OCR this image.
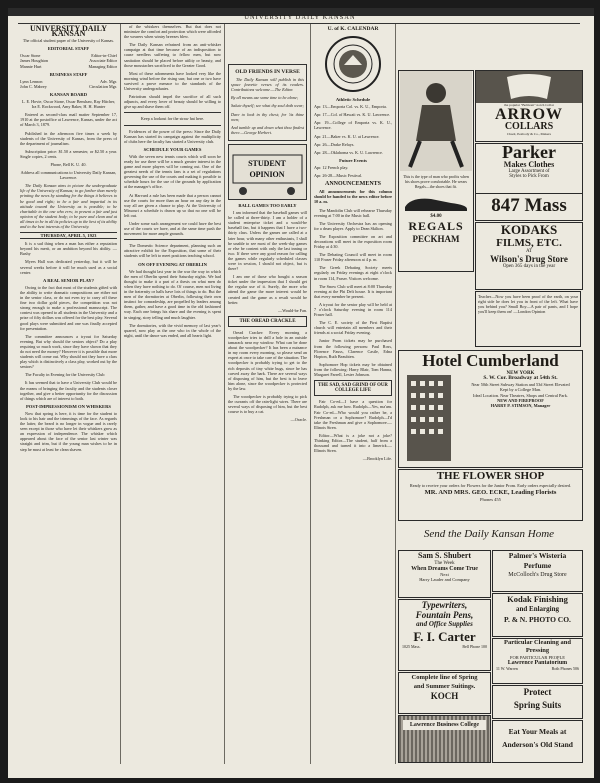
UNIVERSITY DAILY KANSAN
UNIVERSITY DAILY KANSAN

The official student paper of the University of Kansas.

EDITORIAL STAFF
Oscar Stone	Editor-in-Chief
James Houghton	Associate Editor
Mannie Hurt	Managing Editor
BUSINESS STAFF
Lynn Lennon	Adv. Mgr.
John C. Mabrey	Circulation Mgr.
KANSAN BOARD

L. E. Hovie, Oscar Stone, Oscar Benshaw, Ray Hitcher, Ira E. Rockwood, Amy Baker, H. H. Hunter

Entered as second-class mail matter September 17, 1910 at the postoffice at Lawrence, Kansas, under the act of March 3, 1879.

Published in the afternoon five times a week by students of the University of Kansas, from the press of the department of journalism.

Subscription price: $1.50 a semester, or $2.50 a year. Single copies, 2 cents.

Phone, Bell K. U. 40.

Address all communications to University Daily Kansan, Lawrence.

The Daily Kansan aims to picture the undergraduate life of the University of Kansas; to go further than merely printing the news by standing for the things it believes to be good and right; to be a fair and impartial in its attitude toward the University as is possible; to be charitable to the one who errs; to present a fair and just opinion of the student body; to be pure and clean and at all times to be in all its policies up to the best of its ability and to the best interests of the University.

THURSDAY, APRIL 5, 1923

It is a sad thing when a man has either a reputation beyond his merit, or an ambition beyond his ability. —Bushy

Myers Hall was dedicated yesterday, but it will be several weeks before it will be much used as a social center.

A REAL SENIOR PLAY?

Owing to the fact that most of the students gifted with the ability to write dramatic compositions are either not in the senior class, or do not even try to carry off these fine two dollar gold pieces, the competition was not strong enough to make a professional manuscript. The contest was opened to all students in the University and a prize of fifty dollars was offered for the best play. Several good plays were submitted and one was finally accepted for presentation.

The committee announces a tryout for Saturday evening. But why should the seniors object? Do a play requiring so much work, since they have shown that they do not need the money? However it is possible that more students will come out. Why should not they have a class play which is distinctively a class play, worked out by the seniors?

The Faculty in Evening for the University Club

It has seemed that to have a University Club would be the means of bringing the faculty and the students closer together, and give a better opportunity for the discussion of things which are of interest to both.

POST-IMPRESSIONISM ON WHISKERS

Now that spring is here, it is time for the student to look to his hair and the trimmings of the face. As regards the latter, the beard is no longer in vogue and is rarely seen except in those who have let their whiskers grow as an expression of independence. The whisker which appeared about the face of the senior last winter was straight and trim, but if the young man wishes to be in step he must at least be clean shaven.

of the whiskers themselves. But that does not minimize the comfort and protection which were afforded the wearers when wintry breezes blew.

The Daily Kansan refrained from an anti-whisker campaign at that time because of an indisposition to cause needless suffering to fellow men, but now sanitation should be placed before utility or beauty, and those moustaches sacrificed to the Greater Good.

Most of these adornments have looked very like the morning wind before the rising sun; but one or two have survived a prove menace to the standards of the University undergraduates.

Patriotism should impel the sacrifice of all such adjuncts, and every lover of beauty should be willing to give up and shave them off.

Keep a lookout for the straw hat here.

Evidences of the power of the press: Since the Daily Kansan has started its campaign against the multiplicity of clubs here the faculty has started a University club.

SCHEDULE YOUR GAMES

With the seven new tennis courts which will soon be ready for use there will be a much greater interest in the game and more players will be coming out. One of the greatest needs of the tennis fans is a set of regulations governing the use of the courts and making it possible to schedule hours for the use of the grounds by application at the manager's office.

At Harvard a rule has been made that a person cannot use the courts for more than an hour on any day in the way all are given a chance to play. At the University of Missouri a schedule is drawn up so that no one will be left out.

Under some such arrangement we could have the best use of the courts we have, and at the same time push the movement for more ample grounds.

The Domestic Science department, planning such an attractive exhibit for the Exposition, that some of their students will be left to meet positions teaching school.

ON OFF EVENING AT OBERLIN

We had thought last year in the war the way in which the men of Oberlin spend their Saturday nights. We had thought to make it a part of a thesis on what men do when they have nothing to do. Of course, men not living in the fraternity or halls have lots of things to do. But the men of the dormitories at Oberlin, following their own instinct for comradeship, are propelled by leaders among them, gather, and have a good time in the old fashioned way. Each one brings his share and the evening is spent in singing, story telling and much laughter.

The dormitories, with the vivid memory of last year's quarrel, now play as the one who in the whole of the night, until the dance was ended, and all hearts light.

OLD FRIENDS IN VERSE

The Daily Kansan will publish in this space favorite verses of its readers. Contributions welcome.—The Editor.

By all means use some time to be alone;

Salute thyself; see what thy soul doth wear;

Dare to look in thy chest; for 'tis thine own;

And tumble up and down what thou findest there.—George Herbert.

STUDENT
OPINION
BALL GAMES TOO EARLY

I am informed that the baseball games will be called at three-thirty. I am a holder of a student enterprise ticket and a would-be baseball fan, but it happens that I have a two-thirty class. Unless the games are called at a later hour, with many other enthusiasts, I shall be unable to see most of the week-day games or else be content with only the last inning or two. If there were any good reason for calling the games while regularly scheduled classes were in session, I should not object, but is there?

I am one of those who bought a season ticket under the impression that I should get the regular use of it. Surely, the more who attend the game the more interest would be created and the game as a result would be better.

—Would-be Fan.

THE OREAD CRACKLE

Oread Cracker: Every morning a woodpecker tries to drill a hole in an outside tamarack near my window. What can be done about the woodpecker? It has been a nuisance in my room every morning, so please send an expert at once to take care of the situation. The woodpecker is probably trying to get to the rich deposits of tiny white bugs, since he has carved away the bark. There are several ways of disposing of him, but the best is to leave him alone, since the woodpecker is protected by the law.

The woodpecker is probably trying to pick the currants off the rain-light wires. There are several ways of disposing of him, but the best course is to buy a cat.

—Oracle.

U. of K. CALENDAR
Athletic Schedule

Apr. 13—Emporia Col. vs. K. U., Emporia.

Apr. 17—Col. of Hawaii vs. K. U. Lawrence.

Apr. 19—College of Emporia vs. K. U., Lawrence.

Apr. 21—Baker vs. K. U. at Lawrence.

Apr. 26—Drake Relays.

Apr. 28—Oklahoma vs. K. U. Lawrence.

Future Events

Apr. 12 French play.

Apr. 26-28—Music Festival.

ANNOUNCEMENTS

All announcements for this column should be handed to the news editor before 10 a. m.

The Mandolin Club will rehearse Thursday evening at 7:00 in the Music hall.

The University Orchestra has an opening for a drum player. Apply to Dean Skilton.

The Exposition committee on art and decorations will meet in the exposition room Friday at 4:30.

The Debating Council will meet in room 110 Fraser Friday afternoon at 4 p. m.

The Greek Debating Society meets regularly on Friday evenings at eight o'clock in room 114, Fraser. Visitors welcome.

The Snow Club will meet at 8:00 Thursday evening at the Phi Delt house. It is important that every member be present.

A tryout for the senior play will be held at 7 o'clock Saturday evening in room 114 Fraser hall.

The C. E. society of the First Baptist church will entertain all members and their friends at a social Friday evening.

Junior Prom tickets may be purchased from the following persons: Paul Ross, Florence Fauss, Clarence Castle, Edna Hopton, Ruth Beaubien.

Sophomore Hop tickets may be obtained from the following: Harry Blair, Tom Hanna, Margaret Farrell, Lester Johnson.

THE SAD, SAD GRIND OF OUR COLLEGE LIFE

Fair Co-ed—I have a question for Rudolph, ask me how. Rudolph—Yes, ma'am. Fair Co-ed—Who would you rather be, a Freshman or a Sophomore? Rudolph—I'd take the Freshman and give a Sophomore.—Illinois Siren.

Editor—What is a joke not a joke? Thinking Editor—The student, half from a thousand and turned it into a limerick.—Illinois Siren.

—Brooklyn Life.

This is the type of man who profits when his shoes prove comfortable. He wears Regals—the shoes that fit.

$4.00
REGALS
PECKHAM
the popular "Belmont" notch Collar
ARROW
COLLARS
Cluett, Peabody & Co., Makers
Parker
Makes Clothes
Large Assortment of
Styles to Pick From
847 Mass
KODAKS
FILMS, ETC.
AT
Wilson's Drug Store
Open 365 days in the year
Teacher—Now you have been proof of the earth, on your right side he does let you in front of the left. What have you behind you? Small Boy—A pair of pants, and I hope you'll keep them on! —London Opinion
Hotel Cumberland
NEW YORK
S. W. Cor. Broadway at 54th St.
Near 50th Street Subway Station and 53d Street Elevated
Kept by a College Man.
Ideal Location. Near Theatres, Shops and Central Park.
NEW AND FIREPROOF
HARRY P. STIMSON, Manager
THE FLOWER SHOP
Ready to receive your orders for Flowers for the Junior Prom. Early orders especially desired.
MR. AND MRS. GEO. ECKE, Leading Florists
Phones 455
Send the Daily Kansan Home
Sam S. Shubert
The Week
When Dreams Come True
Next
Harry Lauder and Company
Typewriters,
Fountain Pens,
and Office Supplies
F. I. Carter
1025 Mass.	Bell Phone 100
Complete line of Spring
and Summer Suitings.
KOCH
Lawrence Business College
Palmer's Wisteria
Perfume
McColloch's Drug Store
Kodak Finishing
and Enlarging
P. & N. PHOTO CO.
Particular Cleaning and
Pressing
FOR PARTICULAR PEOPLE
Lawrence Pantatorium
11 W. Warren	Both Phones 506
Protect
Spring Suits
Eat Your Meals at
Anderson's Old Stand
